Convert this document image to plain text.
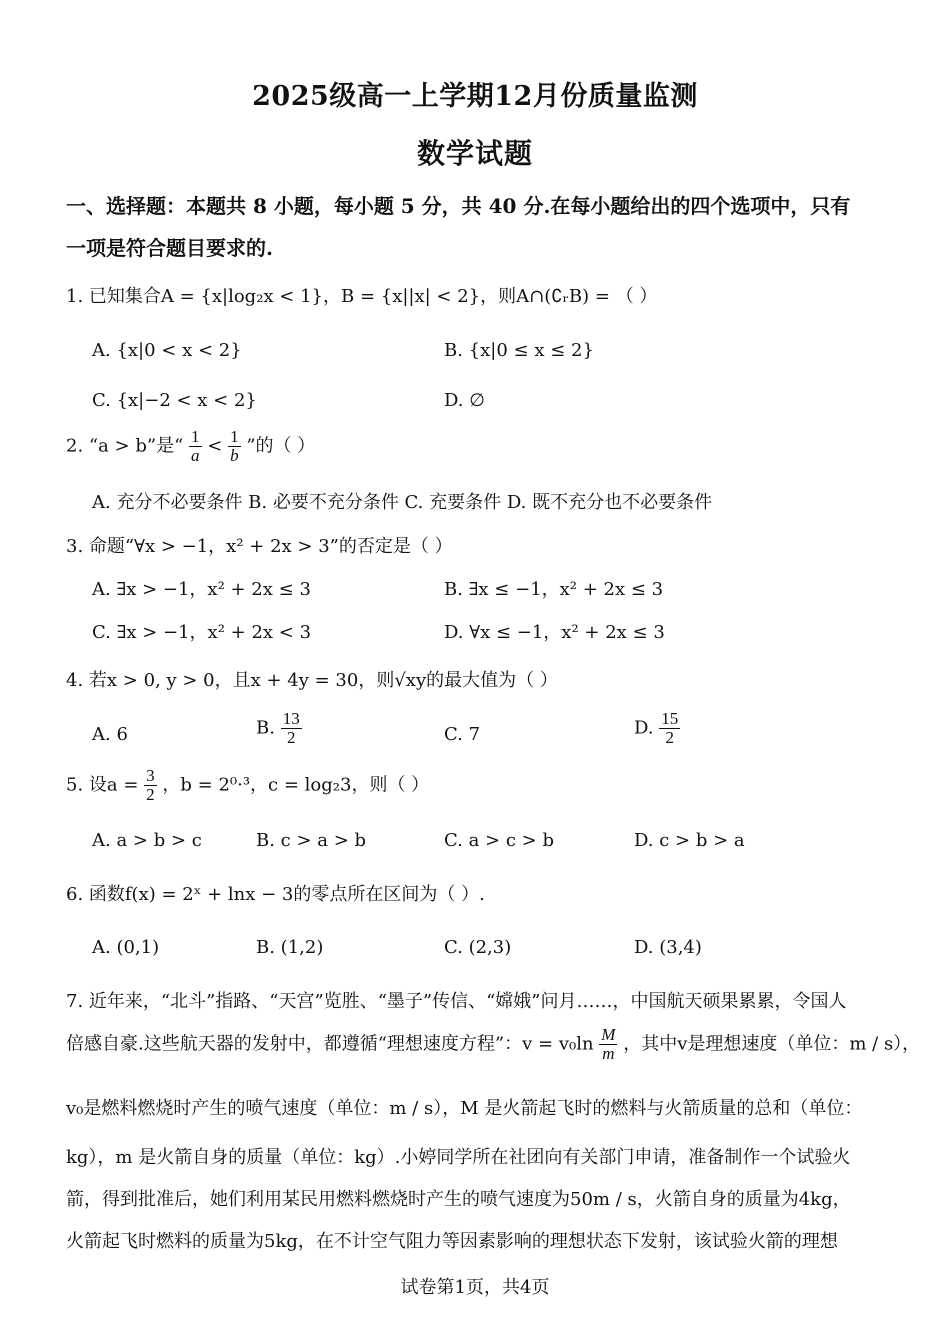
2025级高一上学期12月份质量监测
数学试题
一、选择题：本题共 8 小题，每小题 5 分，共 40 分.在每小题给出的四个选项中，只有
一项是符合题目要求的.
1. 已知集合A = {x|log₂x < 1}，B = {x||x| < 2}，则A∩(∁ᵣB) = （ ）
A. {x|0 < x < 2}	B. {x|0 ≤ x ≤ 2}
C. {x|−2 < x < 2}	D. ∅
2. “a > b”是“ $\frac{1}{a} < \frac{1}{b}$ ”的（ ）
A. 充分不必要条件 B. 必要不充分条件 C. 充要条件 D. 既不充分也不必要条件
3. 命题“∀x > −1，x² + 2x > 3”的否定是（ ）
A. ∃x > −1，x² + 2x ≤ 3	B. ∃x ≤ −1，x² + 2x ≤ 3
C. ∃x > −1，x² + 2x < 3	D. ∀x ≤ −1，x² + 2x ≤ 3
4. 若x > 0, y > 0，且x + 4y = 30，则√xy的最大值为（ ）
A. 6	B. $\frac{13}{2}$	C. 7	D. $\frac{15}{2}$
5. 设$a = \frac{3}{2}$ ，b = 2⁰·³，c = log₂3，则（ ）
A. a > b > c	B. c > a > b	C. a > c > b	D. c > b > a
6. 函数f(x) = 2ˣ + lnx − 3的零点所在区间为（ ）.
A. (0,1)	B. (1,2)	C. (2,3)	D. (3,4)
7. 近年来，“北斗”指路、“天宫”览胜、“墨子”传信、“嫦娥”问月……，中国航天硕果累累，令国人
倍感自豪.这些航天器的发射中，都遵循“理想速度方程”：$v = v_0\ln \frac{M}{m}$ ，其中v是理想速度（单位：m / s），
v₀是燃料燃烧时产生的喷气速度（单位：m / s），M 是火箭起飞时的燃料与火箭质量的总和（单位：
kg），m 是火箭自身的质量（单位：kg）.小婷同学所在社团向有关部门申请，准备制作一个试验火
箭，得到批准后，她们利用某民用燃料燃烧时产生的喷气速度为50m / s，火箭自身的质量为4kg，
火箭起飞时燃料的质量为5kg，在不计空气阻力等因素影响的理想状态下发射，该试验火箭的理想
试卷第1页，共4页
